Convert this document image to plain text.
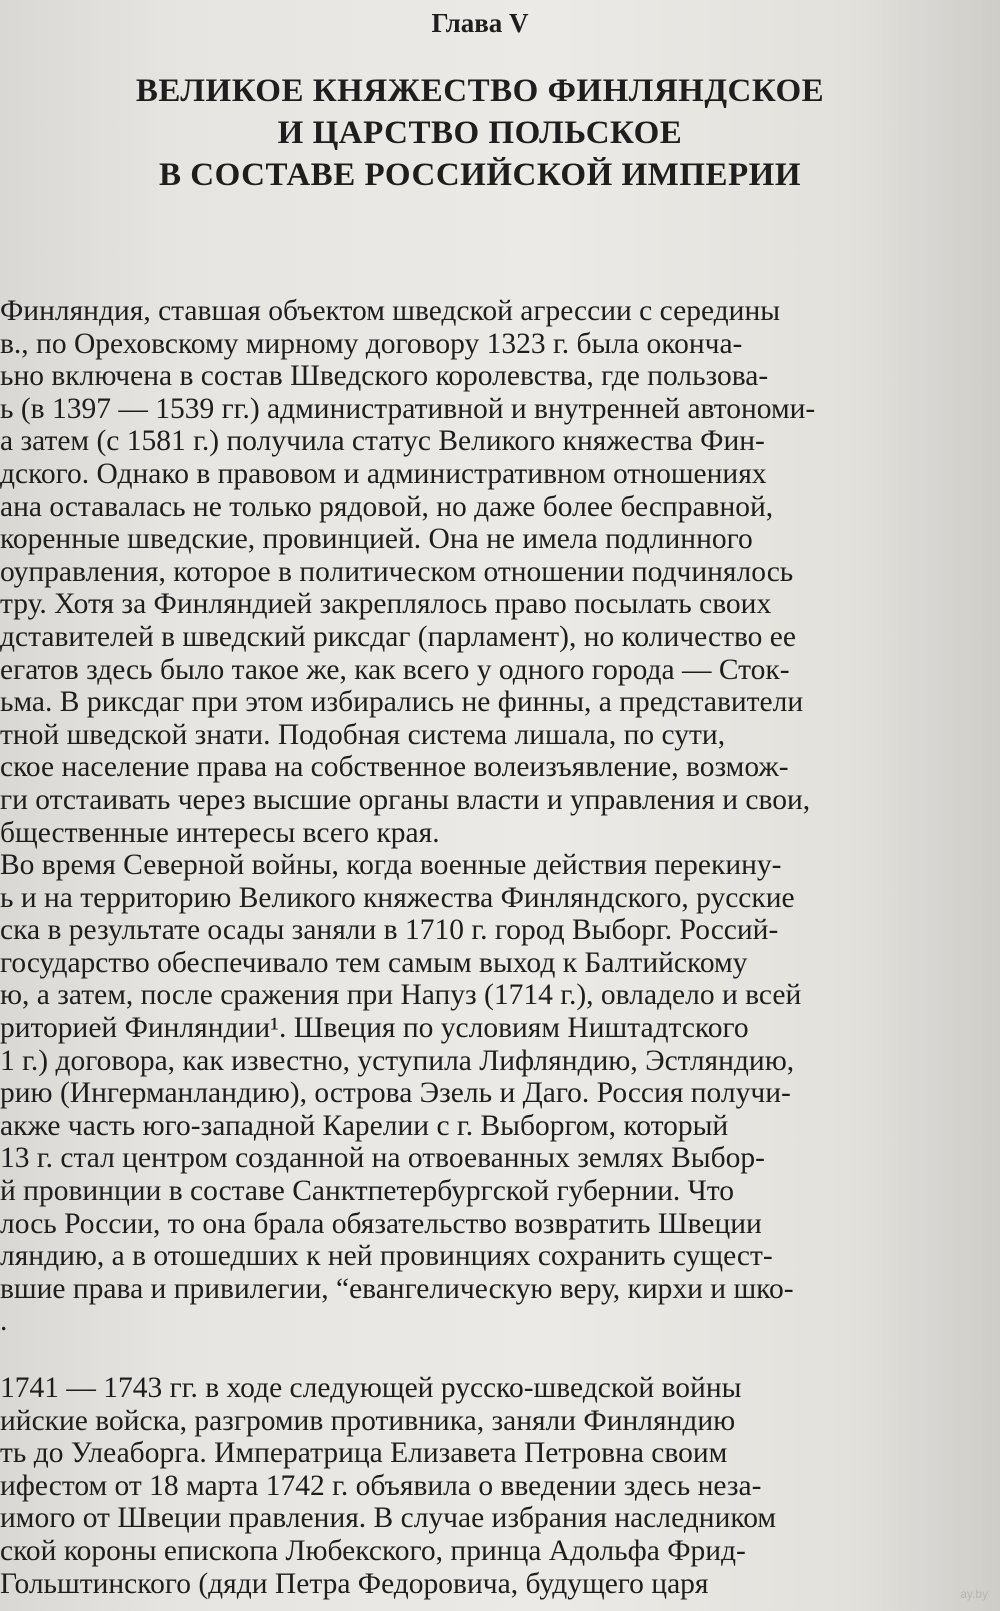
Глава V
ВЕЛИКОЕ КНЯЖЕСТВО ФИНЛЯНДСКОЕ
И ЦАРСТВО ПОЛЬСКОЕ
В СОСТАВЕ РОССИЙСКОЙ ИМПЕРИИ
Финляндия, ставшая объектом шведской агрессии с середины
в., по Ореховскому мирному договору 1323 г. была оконча-
ьно включена в состав Шведского королевства, где пользова-
ь (в 1397 — 1539 гг.) административной и внутренней автономи-
а затем (с 1581 г.) получила статус Великого княжества Фин-
дского. Однако в правовом и административном отношениях
ана оставалась не только рядовой, но даже более бесправной,
коренные шведские, провинцией. Она не имела подлинного
оуправления, которое в политическом отношении подчинялось
тру. Хотя за Финляндией закреплялось право посылать своих
дставителей в шведский риксдаг (парламент), но количество ее
егатов здесь было такое же, как всего у одного города — Сток-
ьма. В риксдаг при этом избирались не финны, а представители
тной шведской знати. Подобная система лишала, по сути,
ское население права на собственное волеизъявление, возмож-
ги отстаивать через высшие органы власти и управления и свои,
бщественные интересы всего края.
Во время Северной войны, когда военные действия перекину-
ь и на территорию Великого княжества Финляндского, русские
ска в результате осады заняли в 1710 г. город Выборг. Россий-
государство обеспечивало тем самым выход к Балтийскому
ю, а затем, после сражения при Напуз (1714 г.), овладело и всей
риторией Финляндии¹. Швеция по условиям Ништадтского
1 г.) договора, как известно, уступила Лифляндию, Эстляндию,
рию (Ингерманландию), острова Эзель и Даго. Россия получи-
акже часть юго-западной Карелии с г. Выборгом, который
13 г. стал центром созданной на отвоеванных землях Выбор-
й провинции в составе Санктпетербургской губернии. Что
лось России, то она брала обязательство возвратить Швеции
ляндию, а в отошедших к ней провинциях сохранить сущест-
вшие права и привилегии, “евангелическую веру, кирхи и шко-
.
1741 — 1743 гг. в ходе следующей русско-шведской войны
ийские войска, разгромив противника, заняли Финляндию
ть до Улеаборга. Императрица Елизавета Петровна своим
ифестом от 18 марта 1742 г. объявила о введении здесь неза-
имого от Швеции правления. В случае избрания наследником
ской короны епископа Любекского, принца Адольфа Фрид-
Гольштинского (дяди Петра Федоровича, будущего царя	ay.by
